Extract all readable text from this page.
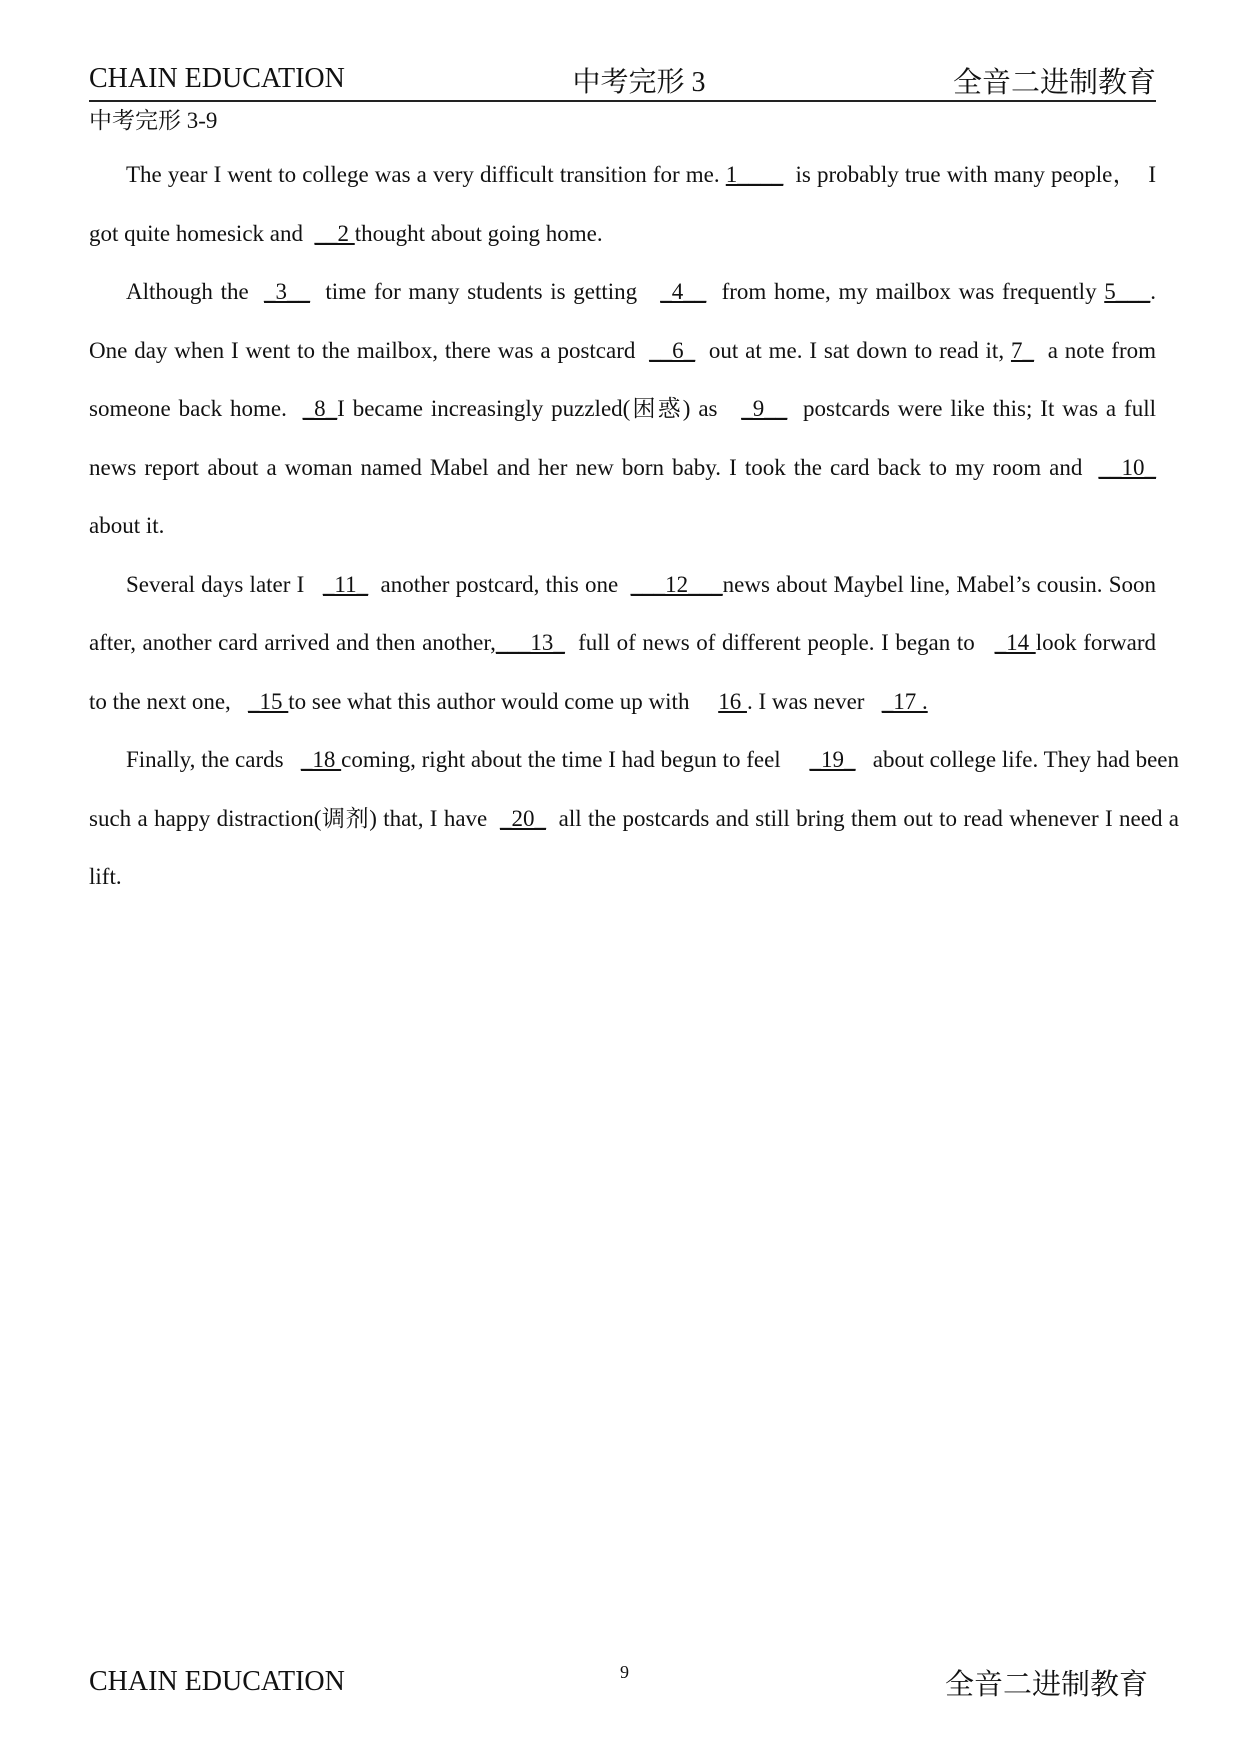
CHAIN EDUCATION	中考完形 3	全音二进制教育
中考完形 3-9

The year I went to college was a very difficult transition for me. 1____  is probably true with many people，  I got quite homesick and  __2 thought about going home.

Although the  _3__  time for many students is getting   _4__  from home, my mailbox was frequently 5___. One day when I went to the mailbox, there was a postcard  __6_  out at me. I sat down to read it, 7_  a note from someone back home.  _8_I became increasingly puzzled(困惑) as   _9__  postcards were like this; It was a full news report about a woman named Mabel and her new born baby. I took the card back to my room and  __10_  about it.

Several days later I   _11_  another postcard, this one  ___12___news about Maybel line, Mabel’s cousin. Soon after, another card arrived and then another,___13_  full of news of different people. I began to   _14 look forward to the next one,   _15 to see what this author would come up with     16 . I was never   _17 .

Finally, the cards   _18 coming, right about the time I had begun to feel     _19_   about college life. They had been such a happy distraction(调剂) that, I have  _20_  all the postcards and still bring them out to read whenever I need a lift.

CHAIN EDUCATION	9	全音二进制教育
